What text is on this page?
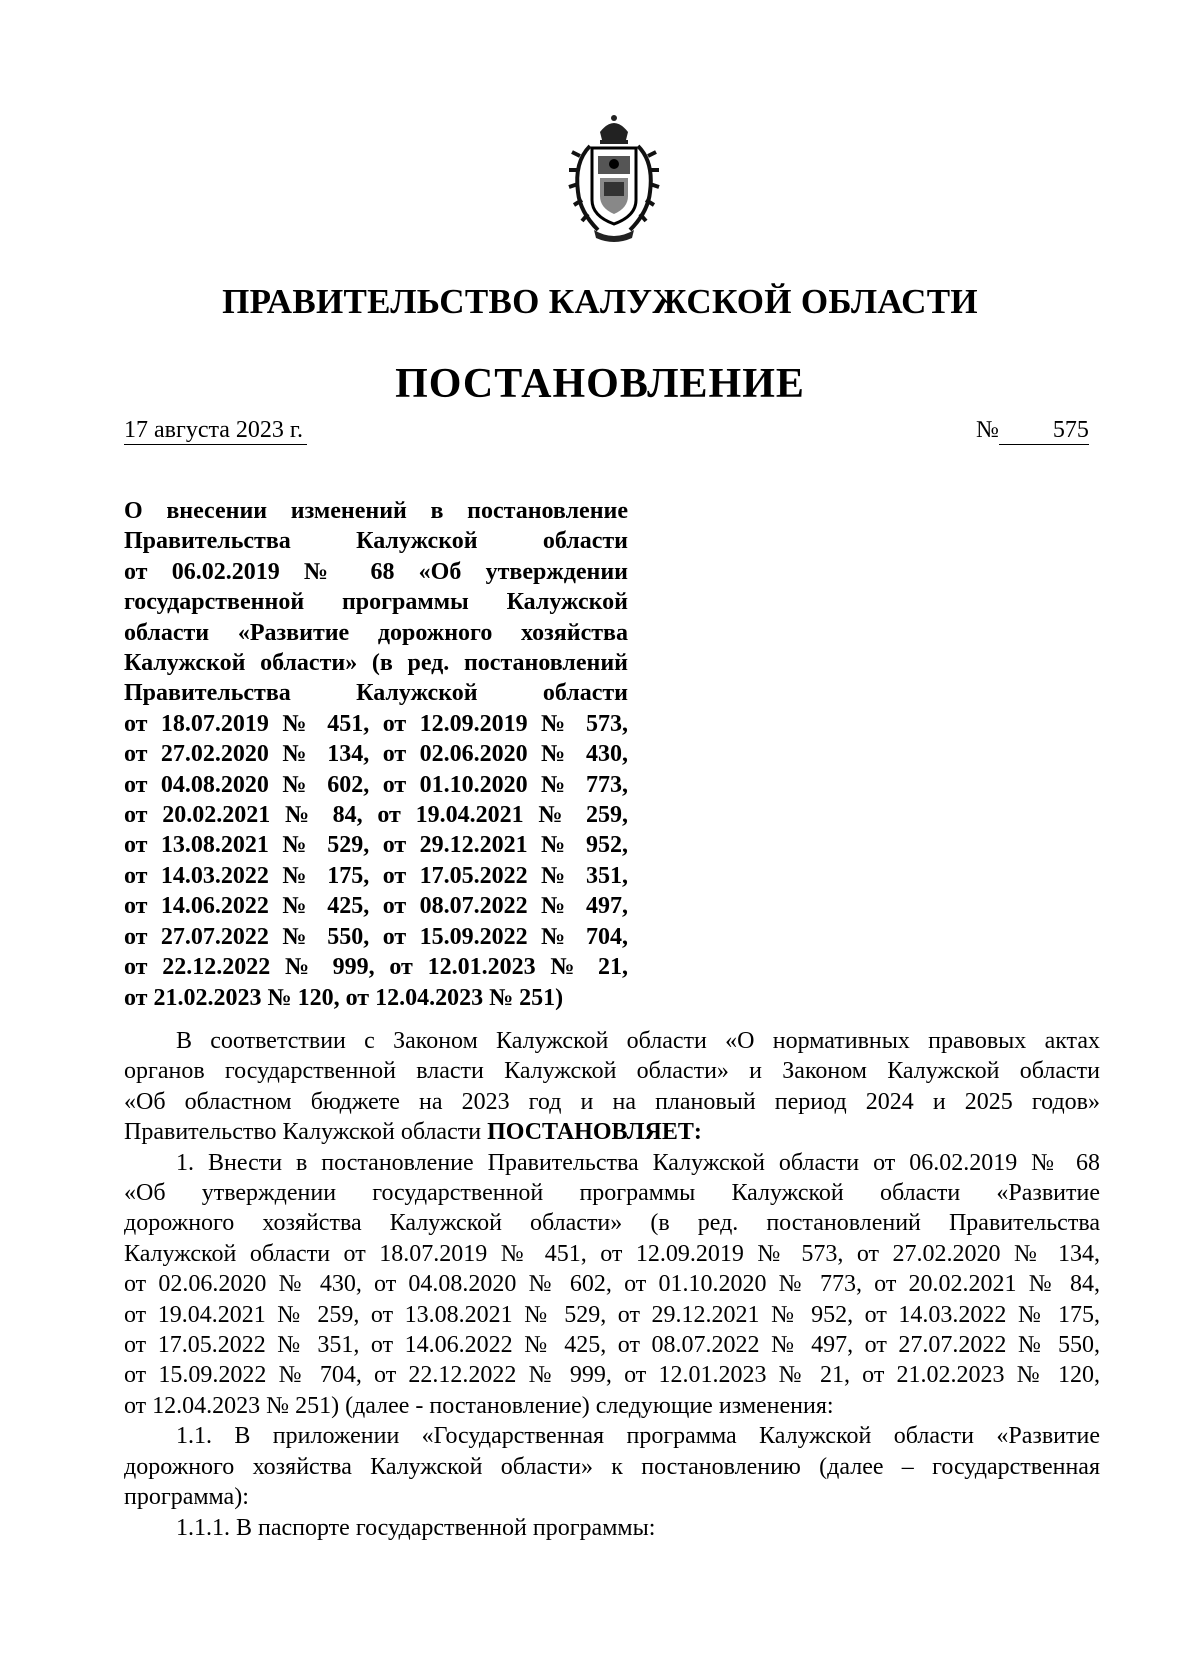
ПРАВИТЕЛЬСТВО КАЛУЖСКОЙ ОБЛАСТИ
ПОСТАНОВЛЕНИЕ
17 августа 2023 г.	№	575
О внесении изменений в постановление
Правительства Калужской области
от 06.02.2019 № 68 «Об утверждении
государственной программы Калужской
области «Развитие дорожного хозяйства
Калужской области» (в ред. постановлений
Правительства Калужской области
от 18.07.2019 № 451, от 12.09.2019 № 573,
от 27.02.2020 № 134, от 02.06.2020 № 430,
от 04.08.2020 № 602, от 01.10.2020 № 773,
от 20.02.2021 № 84, от 19.04.2021 № 259,
от 13.08.2021 № 529, от 29.12.2021 № 952,
от 14.03.2022 № 175, от 17.05.2022 № 351,
от 14.06.2022 № 425, от 08.07.2022 № 497,
от 27.07.2022 № 550, от 15.09.2022 № 704,
от 22.12.2022 № 999, от 12.01.2023 № 21,
от 21.02.2023 № 120, от 12.04.2023 № 251)
В соответствии с Законом Калужской области «О нормативных правовых актах
органов государственной власти Калужской области» и Законом Калужской области
«Об областном бюджете на 2023 год и на плановый период 2024 и 2025 годов»
Правительство Калужской области ПОСТАНОВЛЯЕТ:
1. Внести в постановление Правительства Калужской области от 06.02.2019 № 68
«Об утверждении государственной программы Калужской области «Развитие
дорожного хозяйства Калужской области» (в ред. постановлений Правительства
Калужской области от 18.07.2019 № 451, от 12.09.2019 № 573, от 27.02.2020 № 134,
от 02.06.2020 № 430, от 04.08.2020 № 602, от 01.10.2020 № 773, от 20.02.2021 № 84,
от 19.04.2021 № 259, от 13.08.2021 № 529, от 29.12.2021 № 952, от 14.03.2022 № 175,
от 17.05.2022 № 351, от 14.06.2022 № 425, от 08.07.2022 № 497, от 27.07.2022 № 550,
от 15.09.2022 № 704, от 22.12.2022 № 999, от 12.01.2023 № 21, от 21.02.2023 № 120,
от 12.04.2023 № 251) (далее - постановление) следующие изменения:
1.1. В приложении «Государственная программа Калужской области «Развитие
дорожного хозяйства Калужской области» к постановлению (далее – государственная
программа):
1.1.1. В паспорте государственной программы:
